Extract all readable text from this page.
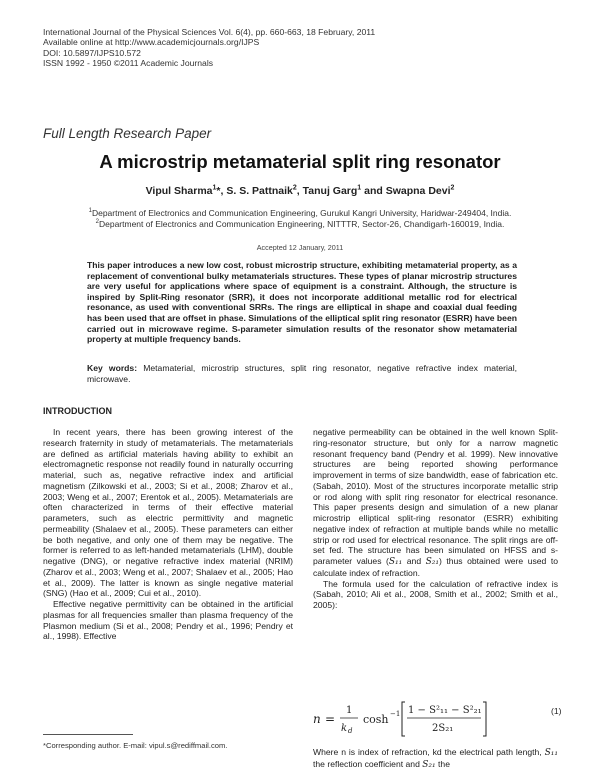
International Journal of the Physical Sciences Vol. 6(4), pp. 660-663, 18 February, 2011
Available online at http://www.academicjournals.org/IJPS
DOI: 10.5897/IJPS10.572
ISSN 1992 - 1950 ©2011 Academic Journals
Full Length Research Paper
A microstrip metamaterial split ring resonator
Vipul Sharma$^1$*, S. S. Pattnaik$^2$, Tanuj Garg$^1$ and Swapna Devi$^2$
$^1$Department of Electronics and Communication Engineering, Gurukul Kangri University, Haridwar-249404, India.
$^2$Department of Electronics and Communication Engineering, NITTTR, Sector-26, Chandigarh-160019, India.
Accepted 12 January, 2011
This paper introduces a new low cost, robust microstrip structure, exhibiting metamaterial property, as a replacement of conventional bulky metamaterials structures. These types of planar microstrip structures are very useful for applications where space of equipment is a constraint. Although, the structure is inspired by Split-Ring resonator (SRR), it does not incorporate additional metallic rod for electrical resonance, as used with conventional SRRs. The rings are elliptical in shape and coaxial dual feeding has been used that are offset in phase. Simulations of the elliptical split ring resonator (ESRR) have been carried out in microwave regime. S-parameter simulation results of the resonator show metamaterial property at multiple frequency bands.
Key words: Metamaterial, microstrip structures, split ring resonator, negative refractive index material, microwave.
INTRODUCTION

In recent years, there has been growing interest of the research fraternity in study of metamaterials. The metamaterials are defined as artificial materials having ability to exhibit an electromagnetic response not readily found in naturally occurring material, such as, negative refractive index and artificial magnetism (Zilkowski et al., 2003; Si et al., 2008; Zharov et al., 2003; Weng et al., 2007; Erentok et al., 2005). Metamaterials are often characterized in terms of their effective material parameters, such as electric permittivity and magnetic permeability (Shalaev et al., 2005). These parameters can either be both negative, and only one of them may be negative. The former is referred to as left-handed metamaterials (LHM), double negative (DNG), or negative refractive index material (NRIM) (Zharov et al., 2003; Weng et al., 2007; Shalaev et al., 2005; Hao et al., 2009). The latter is known as single negative material (SNG) (Hao et al., 2009; Cui et al., 2010).

Effective negative permittivity can be obtained in the artificial plasmas for all frequencies smaller than plasma frequency of the Plasmon medium (Si et al., 2008; Pendry et al., 1996; Pendry et al., 1998). Effective

negative permeability can be obtained in the well known Split-ring-resonator structure, but only for a narrow magnetic resonant frequency band (Pendry et al. 1999). New innovative structures are being reported showing performance improvement in terms of size bandwidth, ease of fabrication etc. (Sabah, 2010). Most of the structures incorporate metallic strip or rod along with split ring resonator for electrical resonance. This paper presents design and simulation of a new planar microstrip elliptical split-ring resonator (ESRR) exhibiting negative index of refraction at multiple bands while no metallic strip or rod used for electrical resonance. The split rings are off-set fed. The structure has been simulated on HFSS and s-parameter values (S₁₁ and S₂₁) thus obtained were used to calculate index of refraction.

The formula used for the calculation of refractive index is (Sabah, 2010; Ali et al., 2008, Smith et al., 2002; Smith et al., 2005):

n =
1
k d
cosh −1 1 − S²₁₁ − S²₂₁
2S₂₁
(1)
Where n is index of refraction, kd the electrical path length, S₁₁ the reflection coefficient and S₂₁ the
*Corresponding author. E-mail: vipul.s@rediffmail.com.
